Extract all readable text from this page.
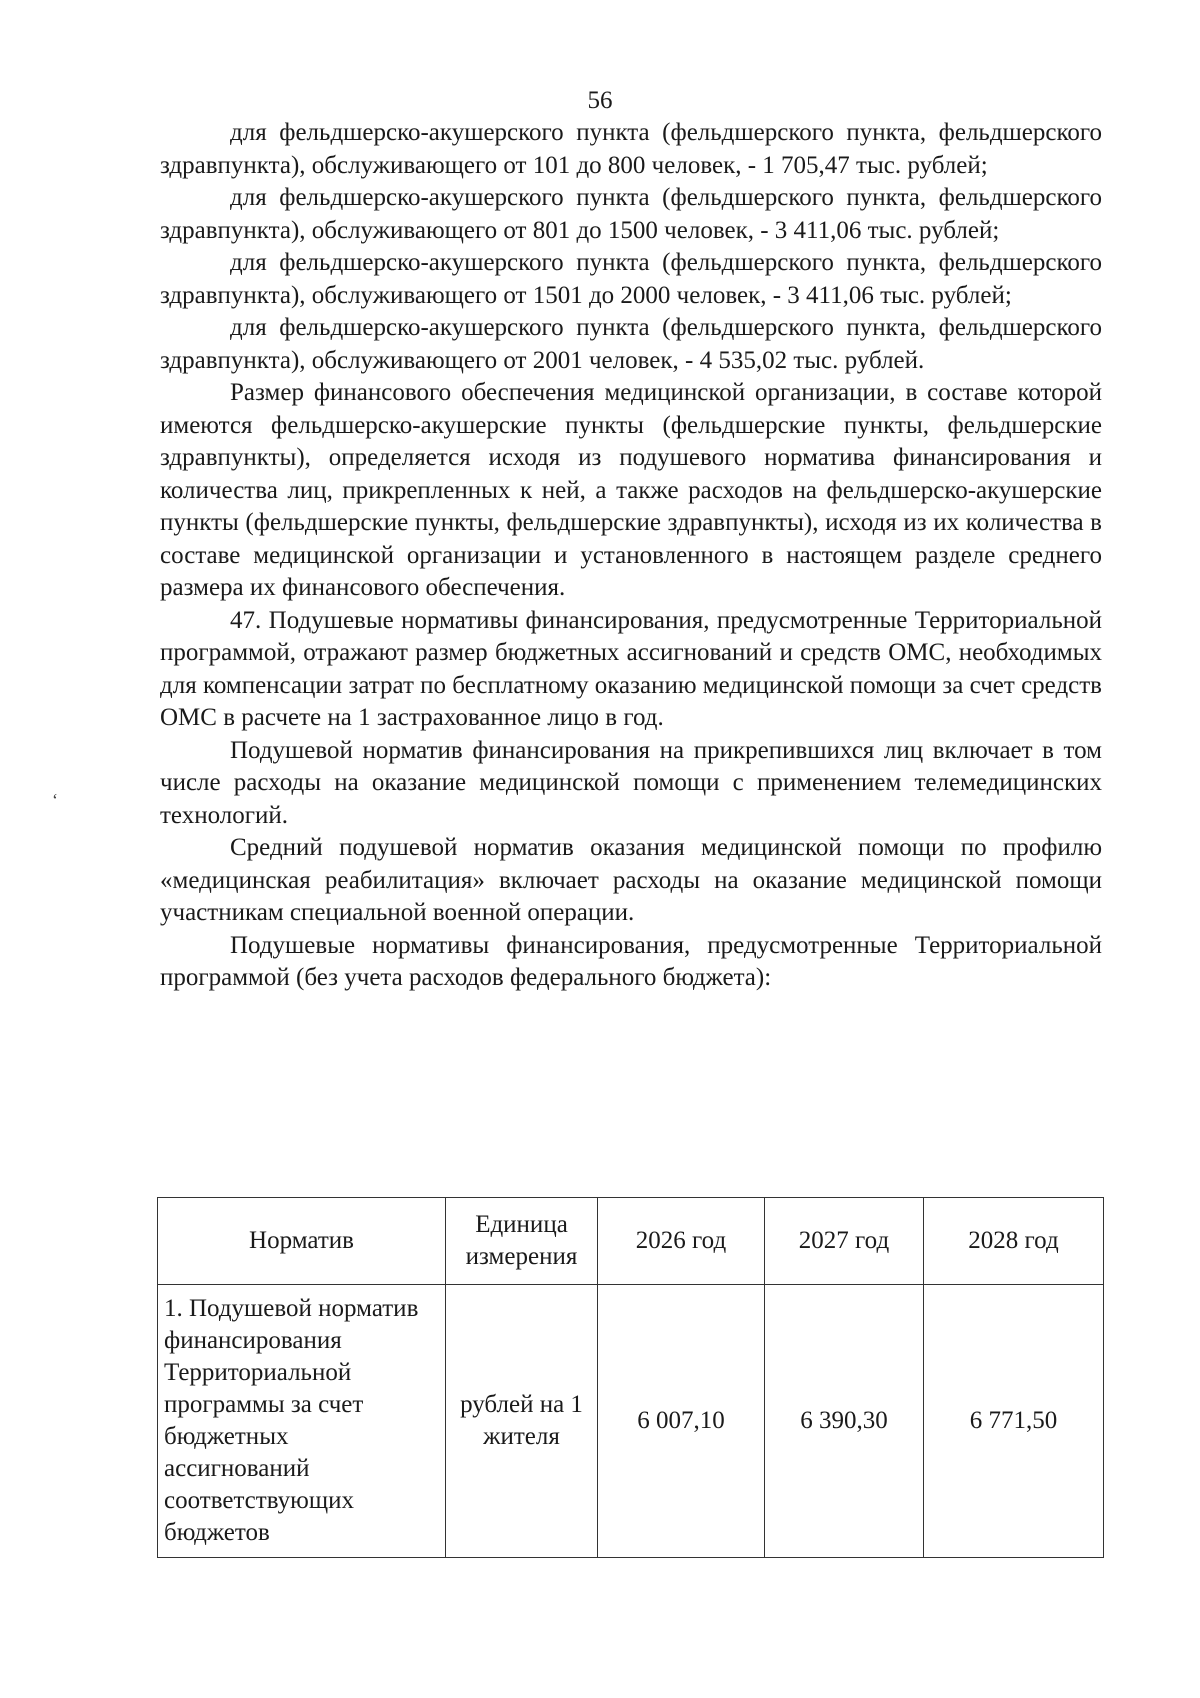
56
‘

для фельдшерско-акушерского пункта (фельдшерского пункта, фельдшерского здравпункта), обслуживающего от 101 до 800 человек, - 1 705,47 тыс. рублей;

для фельдшерско-акушерского пункта (фельдшерского пункта, фельдшерского здравпункта), обслуживающего от 801 до 1500 человек, - 3 411,06 тыс. рублей;

для фельдшерско-акушерского пункта (фельдшерского пункта, фельдшерского здравпункта), обслуживающего от 1501 до 2000 человек, - 3 411,06 тыс. рублей;

для фельдшерско-акушерского пункта (фельдшерского пункта, фельдшерского здравпункта), обслуживающего от 2001 человек, - 4 535,02 тыс. рублей.

Размер финансового обеспечения медицинской организации, в составе которой имеются фельдшерско-акушерские пункты (фельдшерские пункты, фельдшерские здравпункты), определяется исходя из подушевого норматива финансирования и количества лиц, прикрепленных к ней, а также расходов на фельдшерско-акушерские пункты (фельдшерские пункты, фельдшерские здравпункты), исходя из их количества в составе медицинской организации и установленного в настоящем разделе среднего размера их финансового обеспечения.

47. Подушевые нормативы финансирования, предусмотренные Территориальной программой, отражают размер бюджетных ассигнований и средств ОМС, необходимых для компенсации затрат по бесплатному оказанию медицинской помощи за счет средств ОМС в расчете на 1 застрахованное лицо в год.

Подушевой норматив финансирования на прикрепившихся лиц включает в том числе расходы на оказание медицинской помощи с применением телемедицинских технологий.

Средний подушевой норматив оказания медицинской помощи по профилю «медицинская реабилитация» включает расходы на оказание медицинской помощи участникам специальной военной операции.

Подушевые нормативы финансирования, предусмотренные Территориальной программой (без учета расходов федерального бюджета):

Норматив	Единица измерения	2026 год	2027 год	2028 год
1. Подушевой норматив финансирования Территориальной программы за счет бюджетных ассигнований соответствующих бюджетов	рублей на 1 жителя	6 007,10	6 390,30	6 771,50
